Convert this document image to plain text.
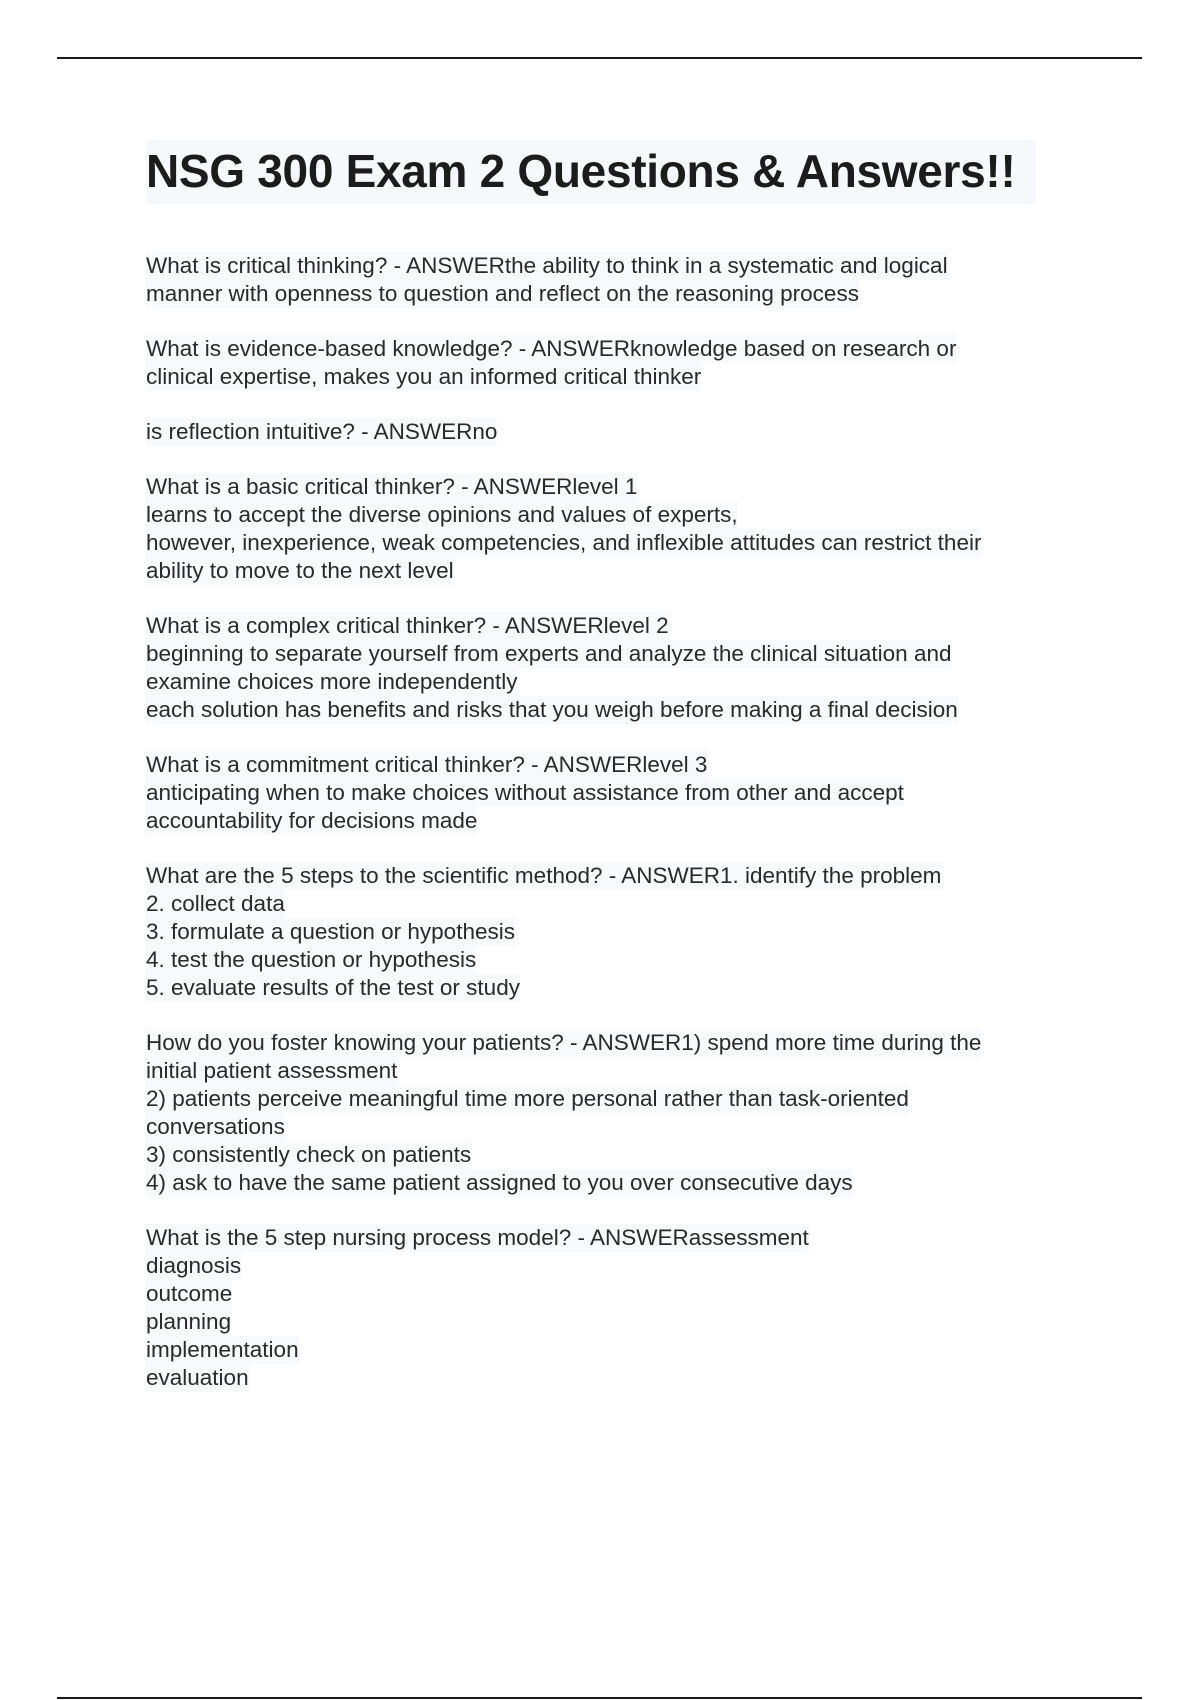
NSG 300 Exam 2 Questions & Answers!!
What is critical thinking? - ANSWERthe ability to think in a systematic and logical
manner with openness to question and reflect on the reasoning process
What is evidence-based knowledge? - ANSWERknowledge based on research or
clinical expertise, makes you an informed critical thinker
is reflection intuitive? - ANSWERno
What is a basic critical thinker? - ANSWERlevel 1
learns to accept the diverse opinions and values of experts,
however, inexperience, weak competencies, and inflexible attitudes can restrict their
ability to move to the next level
What is a complex critical thinker? - ANSWERlevel 2
beginning to separate yourself from experts and analyze the clinical situation and
examine choices more independently
each solution has benefits and risks that you weigh before making a final decision
What is a commitment critical thinker? - ANSWERlevel 3
anticipating when to make choices without assistance from other and accept
accountability for decisions made
What are the 5 steps to the scientific method? - ANSWER1. identify the problem
2. collect data
3. formulate a question or hypothesis
4. test the question or hypothesis
5. evaluate results of the test or study
How do you foster knowing your patients? - ANSWER1) spend more time during the
initial patient assessment
2) patients perceive meaningful time more personal rather than task-oriented
conversations
3) consistently check on patients
4) ask to have the same patient assigned to you over consecutive days
What is the 5 step nursing process model? - ANSWERassessment
diagnosis
outcome
planning
implementation
evaluation
